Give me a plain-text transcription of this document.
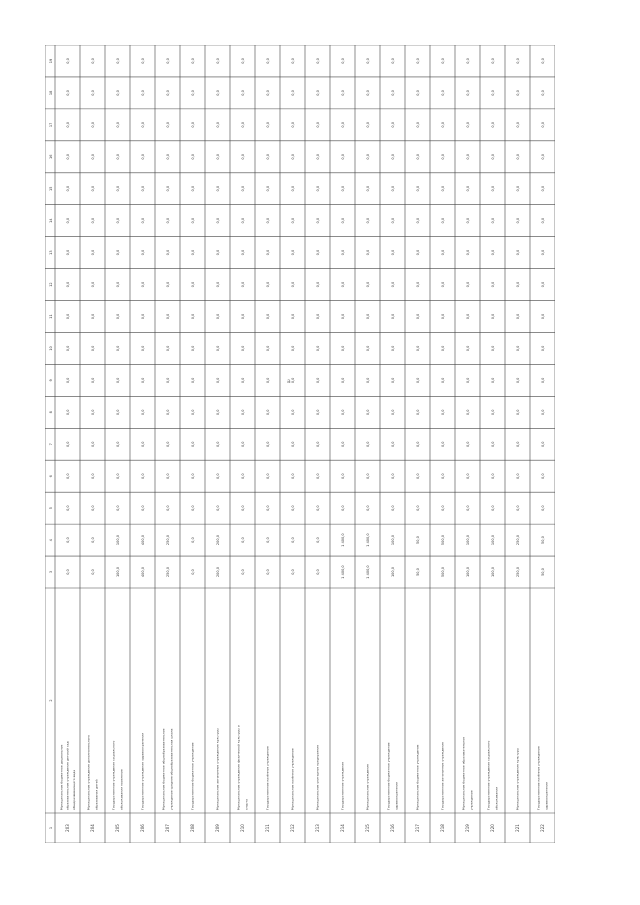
a
1
2
3
4
5
6
7
8
9
10
11
12
13
14
15
16
17
18
19
203
Муниципальное бюджетное дошкольное образовательное учреждение детский сад общеразвивающего вида
0,0
0,0
0,0
0,0
0,0
0,0
0,0
0,0
0,0
0,0
0,0
0,0
0,0
0,0
0,0
0,0
0,0
204
Муниципальное учреждение дополнительного образования детей
0,0
0,0
0,0
0,0
0,0
0,0
0,0
0,0
0,0
0,0
0,0
0,0
0,0
0,0
0,0
0,0
0,0
205
Государственное учреждение социального обслуживания населения
100,0
100,0
0,0
0,0
0,0
0,0
0,0
0,0
0,0
0,0
0,0
0,0
0,0
0,0
0,0
0,0
0,0
206
Государственное учреждение здравоохранения
400,0
400,0
0,0
0,0
0,0
0,0
0,0
0,0
0,0
0,0
0,0
0,0
0,0
0,0
0,0
0,0
0,0
207
Муниципальное бюджетное общеобразовательное учреждение средняя общеобразовательная школа
250,0
250,0
0,0
0,0
0,0
0,0
0,0
0,0
0,0
0,0
0,0
0,0
0,0
0,0
0,0
0,0
0,0
208
Государственное бюджетное учреждение
0,0
0,0
0,0
0,0
0,0
0,0
0,0
0,0
0,0
0,0
0,0
0,0
0,0
0,0
0,0
0,0
0,0
209
Муниципальное автономное учреждение культуры
200,0
200,0
0,0
0,0
0,0
0,0
0,0
0,0
0,0
0,0
0,0
0,0
0,0
0,0
0,0
0,0
0,0
210
Муниципальное учреждение физической культуры и спорта
0,0
0,0
0,0
0,0
0,0
0,0
0,0
0,0
0,0
0,0
0,0
0,0
0,0
0,0
0,0
0,0
0,0
211
Государственное казённое учреждение
0,0
0,0
0,0
0,0
0,0
0,0
0,0
0,0
0,0
0,0
0,0
0,0
0,0
0,0
0,0
0,0
0,0
212
Муниципальное казённое учреждение
0,0
0,0
0,0
0,0
0,0
0,0
0,0
0,0
0,0
0,0
0,0
0,0
0,0
0,0
0,0
0,0
0,0
213
Муниципальное унитарное предприятие
0,0
0,0
0,0
0,0
0,0
0,0
0,0
0,0
0,0
0,0
0,0
0,0
0,0
0,0
0,0
0,0
0,0
214
Государственное учреждение
1 400,0
1 400,0
0,0
0,0
0,0
0,0
0,0
0,0
0,0
0,0
0,0
0,0
0,0
0,0
0,0
0,0
0,0
215
Муниципальное учреждение
1 400,0
1 400,0
0,0
0,0
0,0
0,0
0,0
0,0
0,0
0,0
0,0
0,0
0,0
0,0
0,0
0,0
0,0
216
Государственное бюджетное учреждение здравоохранения
100,0
100,0
0,0
0,0
0,0
0,0
0,0
0,0
0,0
0,0
0,0
0,0
0,0
0,0
0,0
0,0
0,0
217
Муниципальное бюджетное учреждение
50,0
50,0
0,0
0,0
0,0
0,0
0,0
0,0
0,0
0,0
0,0
0,0
0,0
0,0
0,0
0,0
0,0
218
Государственное автономное учреждение
500,0
500,0
0,0
0,0
0,0
0,0
0,0
0,0
0,0
0,0
0,0
0,0
0,0
0,0
0,0
0,0
0,0
219
Муниципальное бюджетное образовательное учреждение
100,0
100,0
0,0
0,0
0,0
0,0
0,0
0,0
0,0
0,0
0,0
0,0
0,0
0,0
0,0
0,0
0,0
220
Государственное учреждение социального обслуживания
100,0
100,0
0,0
0,0
0,0
0,0
0,0
0,0
0,0
0,0
0,0
0,0
0,0
0,0
0,0
0,0
0,0
221
Муниципальное учреждение культуры
250,0
250,0
0,0
0,0
0,0
0,0
0,0
0,0
0,0
0,0
0,0
0,0
0,0
0,0
0,0
0,0
0,0
222
Государственное казённое учреждение здравоохранения
50,0
50,0
0,0
0,0
0,0
0,0
0,0
0,0
0,0
0,0
0,0
0,0
0,0
0,0
0,0
0,0
0,0
